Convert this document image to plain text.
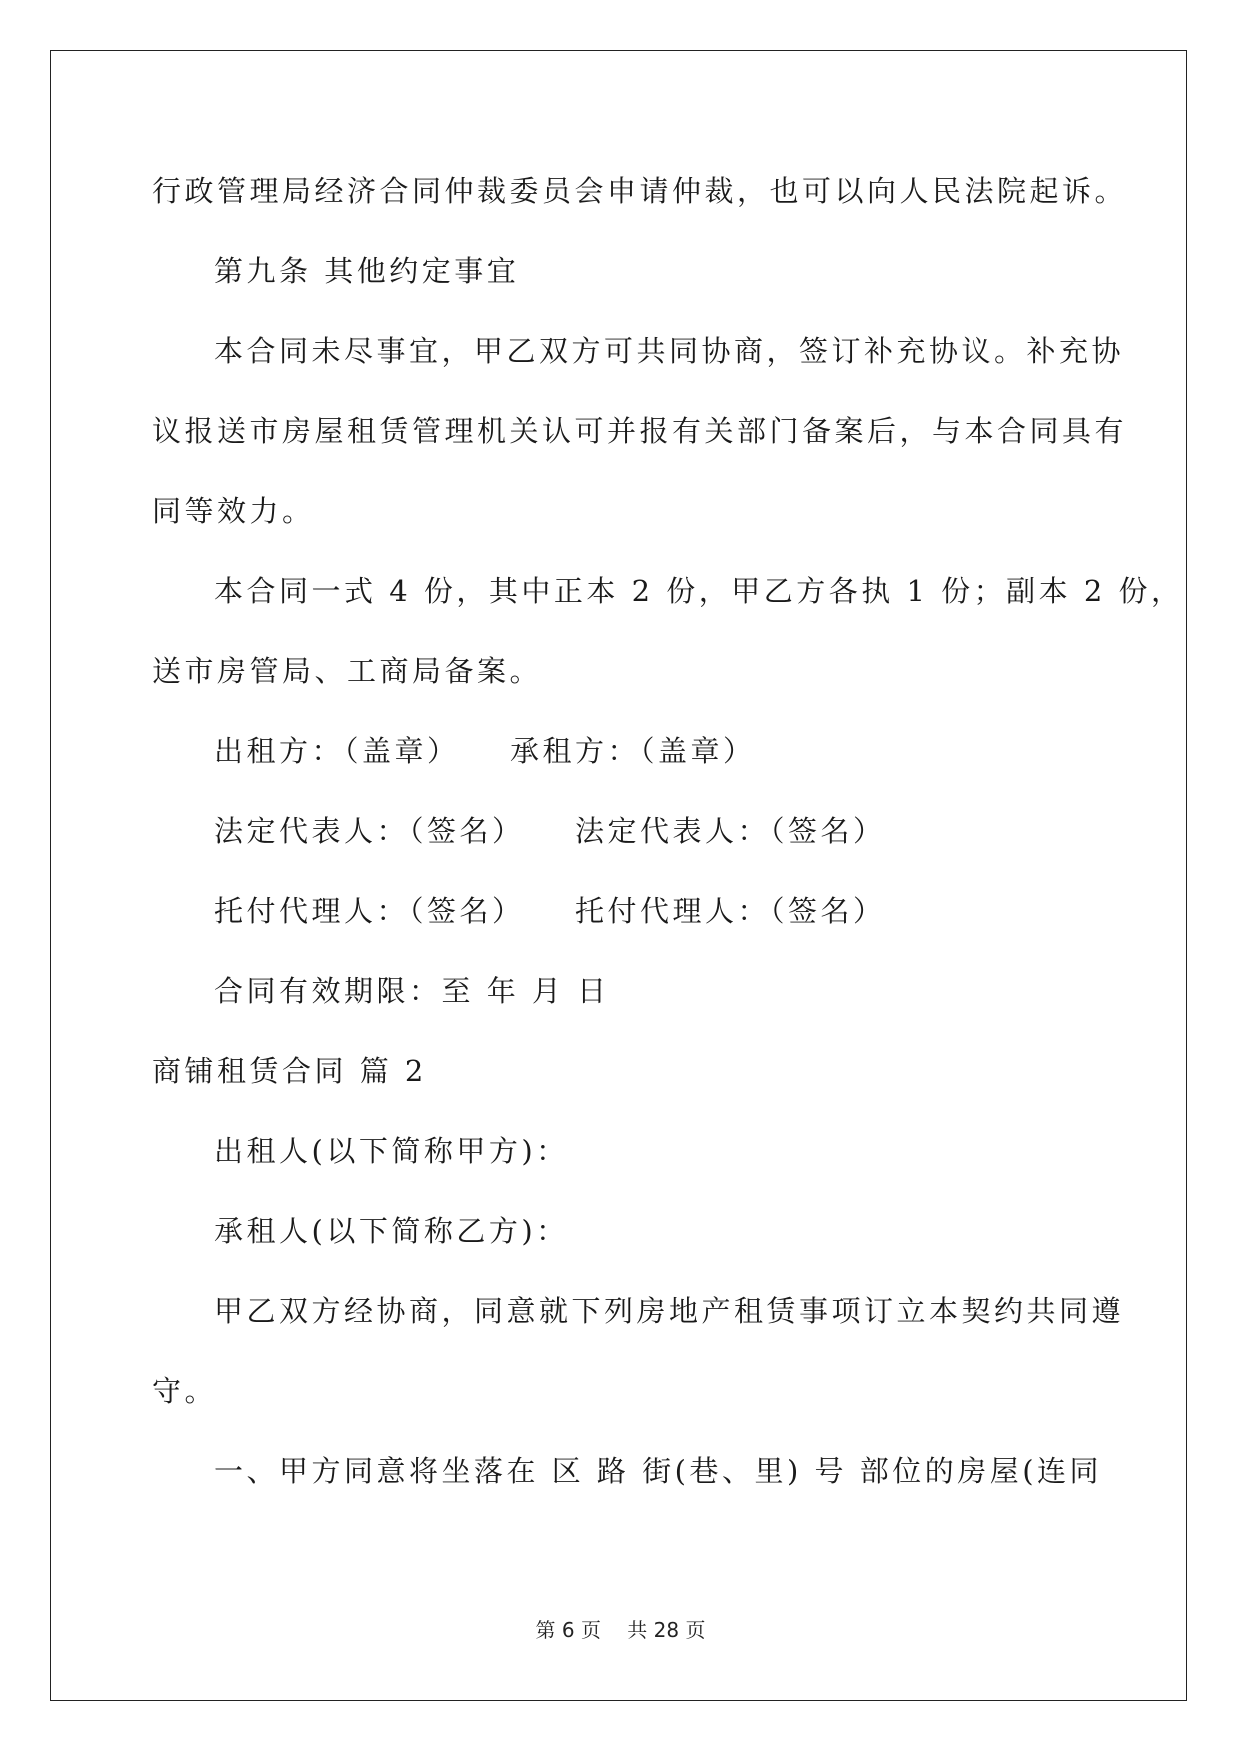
行政管理局经济合同仲裁委员会申请仲裁，也可以向人民法院起诉。
第九条 其他约定事宜
本合同未尽事宜，甲乙双方可共同协商，签订补充协议。补充协
议报送市房屋租赁管理机关认可并报有关部门备案后，与本合同具有
同等效力。
本合同一式 4 份，其中正本 2 份，甲乙方各执 1 份；副本 2 份，
送市房管局、工商局备案。
出租方：（盖章）　　承租方：（盖章）
法定代表人：（签名）　　法定代表人：（签名）
托付代理人：（签名）　　托付代理人：（签名）
合同有效期限：至 年 月 日
商铺租赁合同 篇 2
出租人(以下简称甲方)：
承租人(以下简称乙方)：
甲乙双方经协商，同意就下列房地产租赁事项订立本契约共同遵
守。
一、甲方同意将坐落在 区 路 街(巷、里) 号 部位的房屋(连同
第 6 页　 共 28 页
